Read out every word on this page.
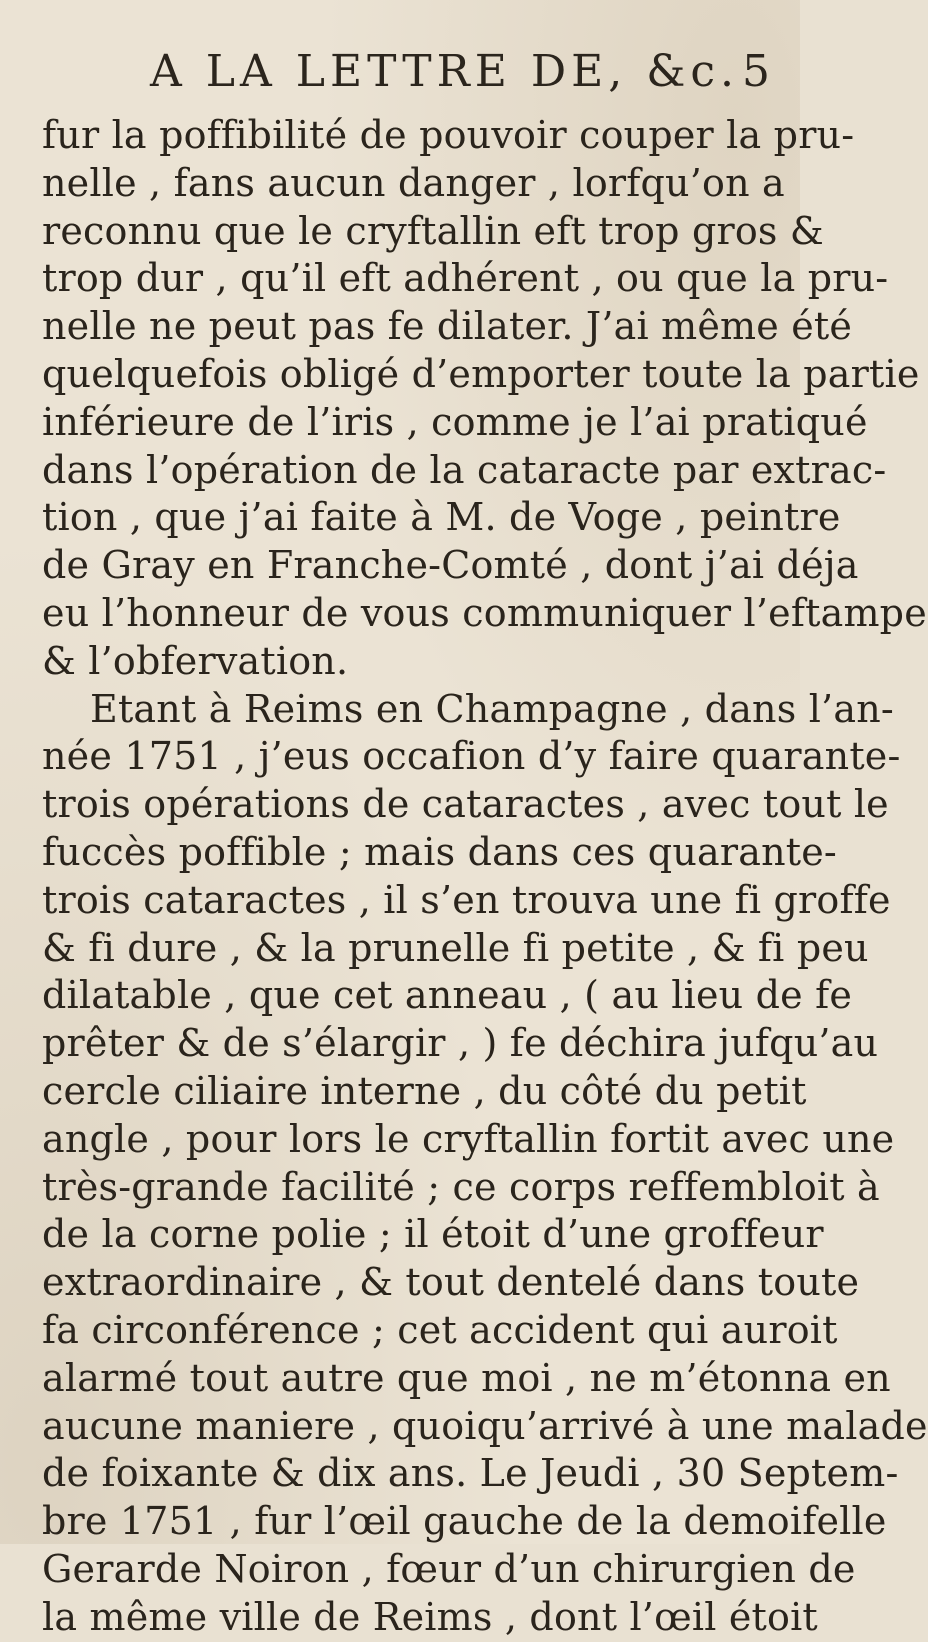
A LA LETTRE DE, &c. 5
fur la poffibilité de pouvoir couper la pru-
nelle , fans aucun danger , lorfqu’on a
reconnu que le cryftallin eft trop gros &
trop dur , qu’il eft adhérent , ou que la pru-
nelle ne peut pas fe dilater. J’ai même été
quelquefois obligé d’emporter toute la partie
inférieure de l’iris , comme je l’ai pratiqué
dans l’opération de la cataracte par extrac-
tion , que j’ai faite à M. de Voge , peintre
de Gray en Franche-Comté , dont j’ai déja
eu l’honneur de vous communiquer l’eftampe
& l’obfervation.
Etant à Reims en Champagne , dans l’an-
née 1751 , j’eus occafion d’y faire quarante-
trois opérations de cataractes , avec tout le
fuccès poffible ; mais dans ces quarante-
trois cataractes , il s’en trouva une fi groffe
& fi dure , & la prunelle fi petite , & fi peu
dilatable , que cet anneau , ( au lieu de fe
prêter & de s’élargir , ) fe déchira jufqu’au
cercle ciliaire interne , du côté du petit
angle , pour lors le cryftallin fortit avec une
très-grande facilité ; ce corps reffembloit à
de la corne polie ; il étoit d’une groffeur
extraordinaire , & tout dentelé dans toute
fa circonférence ; cet accident qui auroit
alarmé tout autre que moi , ne m’étonna en
aucune maniere , quoiqu’arrivé à une malade
de foixante & dix ans. Le Jeudi , 30 Septem-
bre 1751 , fur l’œil gauche de la demoifelle
Gerarde Noiron , fœur d’un chirurgien de
la même ville de Reims , dont l’œil étoit
